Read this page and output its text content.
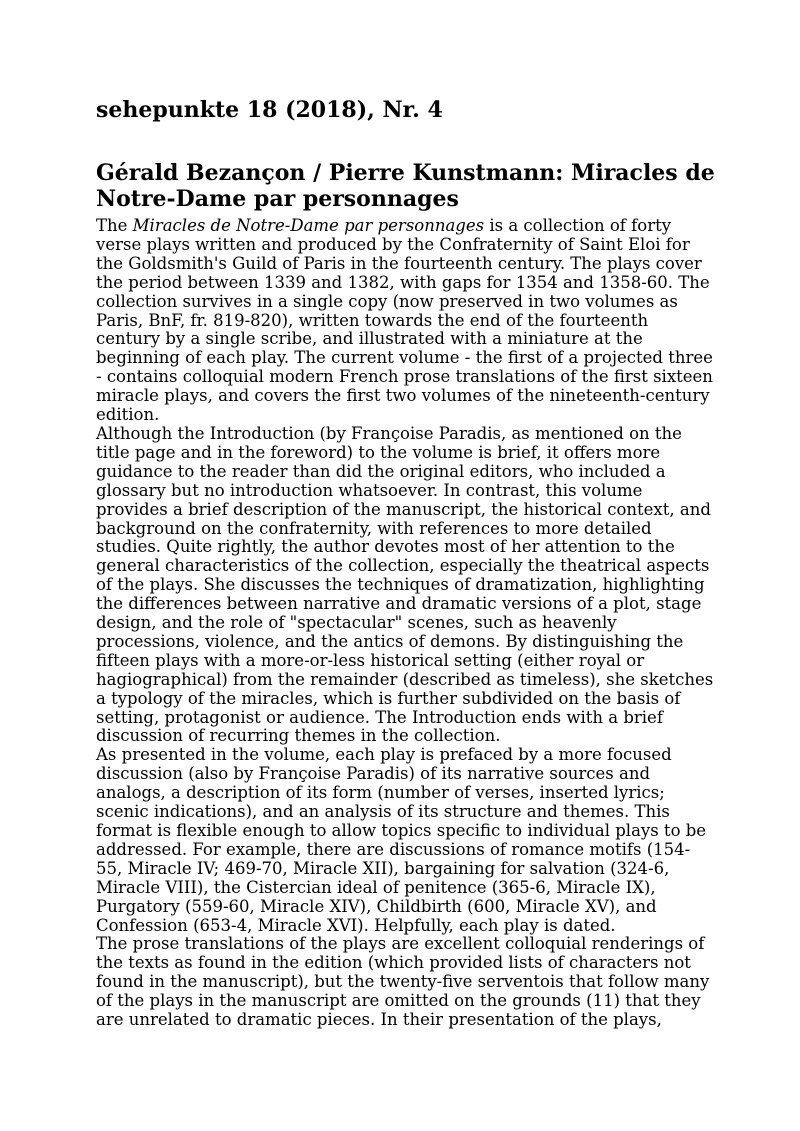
sehepunkte 18 (2018), Nr. 4
Gérald Bezançon / Pierre Kunstmann: Miracles de Notre-Dame par personnages

The Miracles de Notre-Dame par personnages is a collection of forty verse plays written and produced by the Confraternity of Saint Eloi for the Goldsmith's Guild of Paris in the fourteenth century. The plays cover the period between 1339 and 1382, with gaps for 1354 and 1358-60. The collection survives in a single copy (now preserved in two volumes as Paris, BnF, fr. 819-820), written towards the end of the fourteenth century by a single scribe, and illustrated with a miniature at the beginning of each play. The current volume - the first of a projected three - contains colloquial modern French prose translations of the first sixteen miracle plays, and covers the first two volumes of the nineteenth-century edition.

Although the Introduction (by Françoise Paradis, as mentioned on the title page and in the foreword) to the volume is brief, it offers more guidance to the reader than did the original editors, who included a glossary but no introduction whatsoever. In contrast, this volume provides a brief description of the manuscript, the historical context, and background on the confraternity, with references to more detailed studies. Quite rightly, the author devotes most of her attention to the general characteristics of the collection, especially the theatrical aspects of the plays. She discusses the techniques of dramatization, highlighting the differences between narrative and dramatic versions of a plot, stage design, and the role of "spectacular" scenes, such as heavenly processions, violence, and the antics of demons. By distinguishing the fifteen plays with a more-or-less historical setting (either royal or hagiographical) from the remainder (described as timeless), she sketches a typology of the miracles, which is further subdivided on the basis of setting, protagonist or audience. The Introduction ends with a brief discussion of recurring themes in the collection.

As presented in the volume, each play is prefaced by a more focused discussion (also by Françoise Paradis) of its narrative sources and analogs, a description of its form (number of verses, inserted lyrics; scenic indications), and an analysis of its structure and themes. This format is flexible enough to allow topics specific to individual plays to be addressed. For example, there are discussions of romance motifs (154-55, Miracle IV; 469-70, Miracle XII), bargaining for salvation (324-6, Miracle VIII), the Cistercian ideal of penitence (365-6, Miracle IX), Purgatory (559-60, Miracle XIV), Childbirth (600, Miracle XV), and Confession (653-4, Miracle XVI). Helpfully, each play is dated.

The prose translations of the plays are excellent colloquial renderings of the texts as found in the edition (which provided lists of characters not found in the manuscript), but the twenty-five serventois that follow many of the plays in the manuscript are omitted on the grounds (11) that they are unrelated to dramatic pieces. In their presentation of the plays,
